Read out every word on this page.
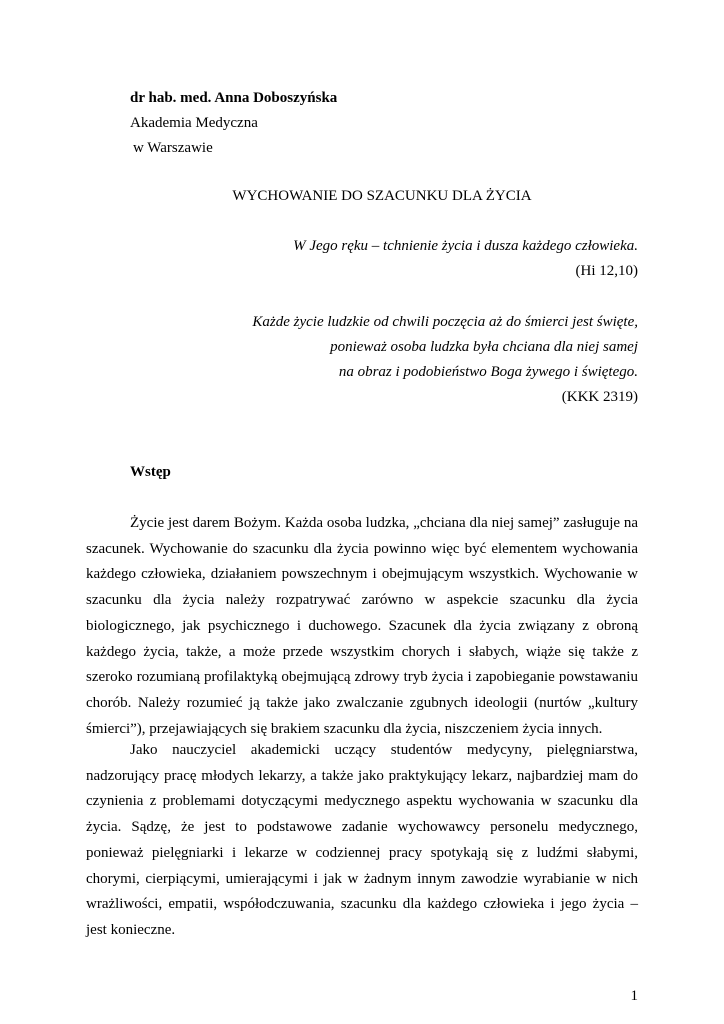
dr hab. med. Anna Doboszyńska
Akademia Medyczna
w Warszawie
WYCHOWANIE DO SZACUNKU DLA ŻYCIA
W Jego ręku – tchnienie życia i dusza każdego człowieka.
(Hi 12,10)
Każde życie ludzkie od chwili poczęcia aż do śmierci jest święte,
ponieważ osoba ludzka była chciana dla niej samej
na obraz i podobieństwo Boga żywego i świętego.
(KKK 2319)
Wstęp

Życie jest darem Bożym. Każda osoba ludzka, „chciana dla niej samej” zasługuje na szacunek. Wychowanie do szacunku dla życia powinno więc być elementem wychowania każdego człowieka, działaniem powszechnym i obejmującym wszystkich. Wychowanie w szacunku dla życia należy rozpatrywać zarówno w aspekcie szacunku dla życia biologicznego, jak psychicznego i duchowego. Szacunek dla życia związany z obroną każdego życia, także, a może przede wszystkim chorych i słabych, wiąże się także z szeroko rozumianą profilaktyką obejmującą zdrowy tryb życia i zapobieganie powstawaniu chorób. Należy rozumieć ją także jako zwalczanie zgubnych ideologii (nurtów „kultury śmierci”), przejawiających się brakiem szacunku dla życia, niszczeniem życia innych.

Jako nauczyciel akademicki uczący studentów medycyny, pielęgniarstwa, nadzorujący pracę młodych lekarzy, a także jako praktykujący lekarz, najbardziej mam do czynienia z problemami dotyczącymi medycznego aspektu wychowania w szacunku dla życia. Sądzę, że jest to podstawowe zadanie wychowawcy personelu medycznego, ponieważ pielęgniarki i lekarze w codziennej pracy spotykają się z ludźmi słabymi, chorymi, cierpiącymi, umierającymi i jak w żadnym innym zawodzie wyrabianie w nich wrażliwości, empatii, współodczuwania, szacunku dla każdego człowieka i jego życia – jest konieczne.

1
